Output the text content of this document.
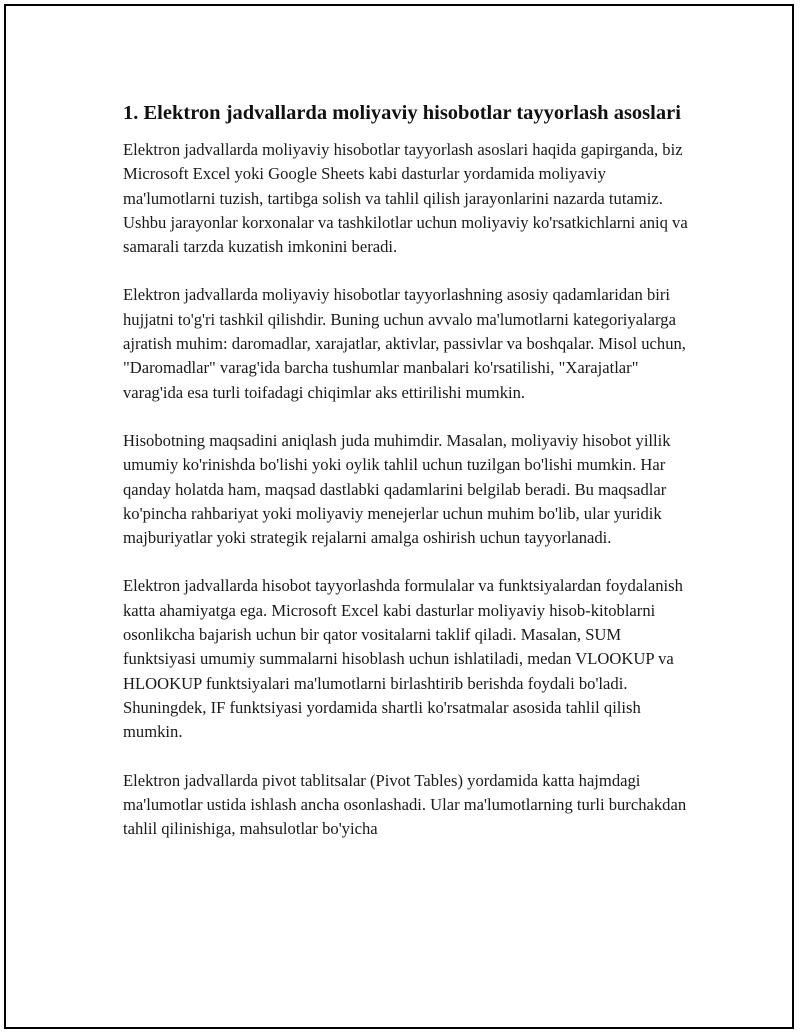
1. Elektron jadvallarda moliyaviy hisobotlar tayyorlash asoslari

Elektron jadvallarda moliyaviy hisobotlar tayyorlash asoslari haqida gapirganda, biz Microsoft Excel yoki Google Sheets kabi dasturlar yordamida moliyaviy ma'lumotlarni tuzish, tartibga solish va tahlil qilish jarayonlarini nazarda tutamiz. Ushbu jarayonlar korxonalar va tashkilotlar uchun moliyaviy ko'rsatkichlarni aniq va samarali tarzda kuzatish imkonini beradi.

Elektron jadvallarda moliyaviy hisobotlar tayyorlashning asosiy qadamlaridan biri hujjatni to'g'ri tashkil qilishdir. Buning uchun avvalo ma'lumotlarni kategoriyalarga ajratish muhim: daromadlar, xarajatlar, aktivlar, passivlar va boshqalar. Misol uchun, "Daromadlar" varag'ida barcha tushumlar manbalari ko'rsatilishi, "Xarajatlar" varag'ida esa turli toifadagi chiqimlar aks ettirilishi mumkin.

Hisobotning maqsadini aniqlash juda muhimdir. Masalan, moliyaviy hisobot yillik umumiy ko'rinishda bo'lishi yoki oylik tahlil uchun tuzilgan bo'lishi mumkin. Har qanday holatda ham, maqsad dastlabki qadamlarini belgilab beradi. Bu maqsadlar ko'pincha rahbariyat yoki moliyaviy menejerlar uchun muhim bo'lib, ular yuridik majburiyatlar yoki strategik rejalarni amalga oshirish uchun tayyorlanadi.

Elektron jadvallarda hisobot tayyorlashda formulalar va funktsiyalardan foydalanish katta ahamiyatga ega. Microsoft Excel kabi dasturlar moliyaviy hisob-kitoblarni osonlikcha bajarish uchun bir qator vositalarni taklif qiladi. Masalan, SUM funktsiyasi umumiy summalarni hisoblash uchun ishlatiladi, medan VLOOKUP va HLOOKUP funktsiyalari ma'lumotlarni birlashtirib berishda foydali bo'ladi. Shuningdek, IF funktsiyasi yordamida shartli ko'rsatmalar asosida tahlil qilish mumkin.

Elektron jadvallarda pivot tablitsalar (Pivot Tables) yordamida katta hajmdagi ma'lumotlar ustida ishlash ancha osonlashadi. Ular ma'lumotlarning turli burchakdan tahlil qilinishiga, mahsulotlar bo'yicha
